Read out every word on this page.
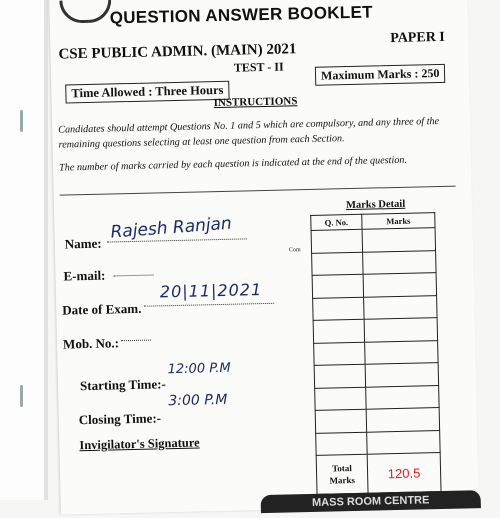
QUESTION ANSWER BOOKLET
CSE PUBLIC ADMIN. (MAIN) 2021
PAPER I
TEST - II
Time Allowed : Three Hours
Maximum Marks : 250
INSTRUCTIONS
Candidates should attempt Questions No. 1 and 5 which are compulsory, and any three of the remaining questions selecting at least one question from each Section.
The number of marks carried by each question is indicated at the end of the question.
Marks Detail
Q. No.	Marks

Total
Marks	120.5
Com
Name:
Rajesh Ranjan
E-mail:
Date of Exam.
20|11|2021
Mob. No.:
Starting Time:-
12:00 P.M
Closing Time:-
3:00 P.M
Invigilator's Signature
MASS ROOM CENTRE
